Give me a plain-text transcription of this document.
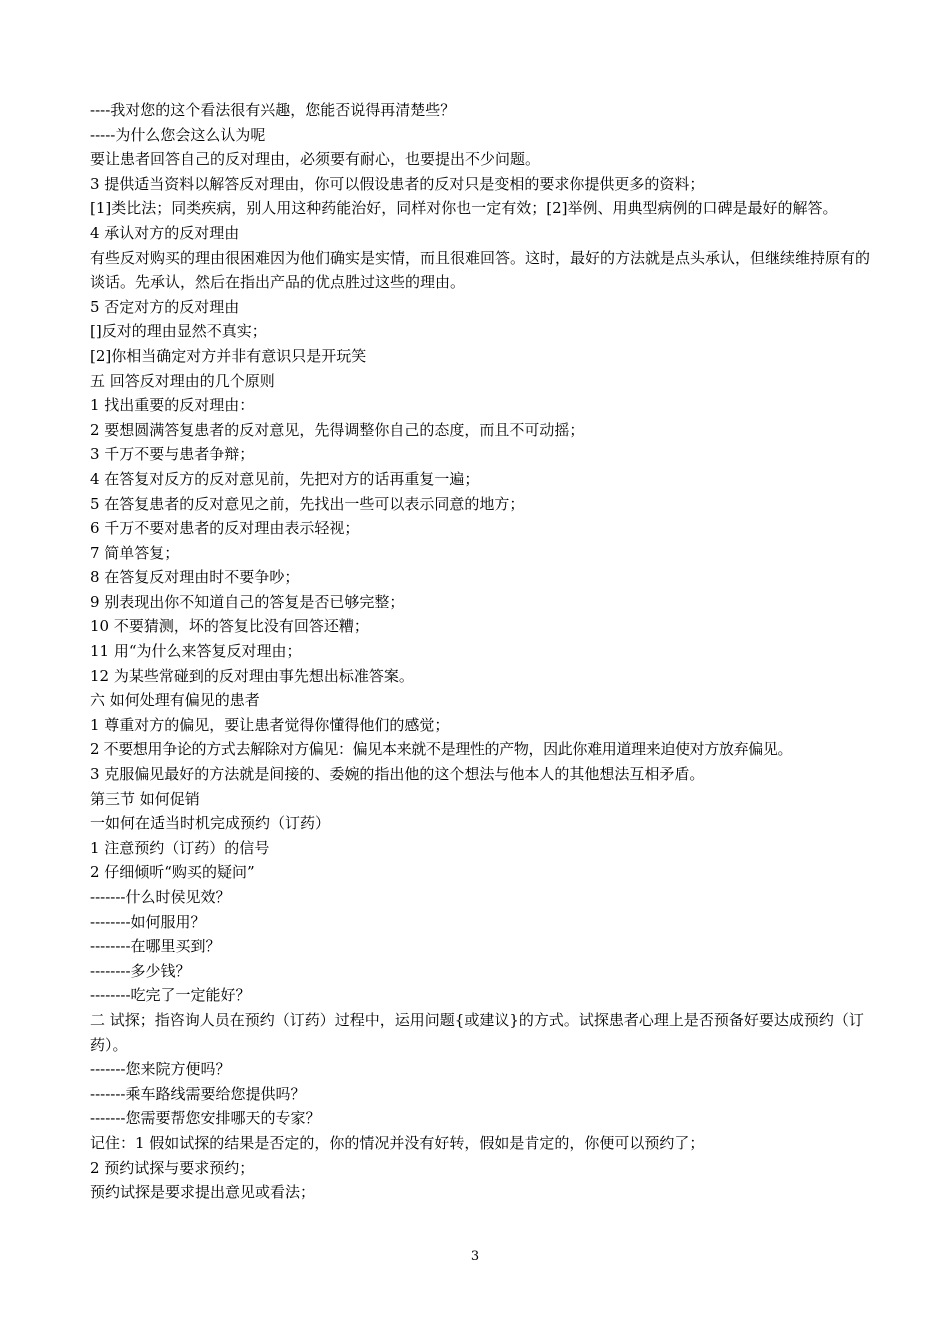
----我对您的这个看法很有兴趣，您能否说得再清楚些？

-----为什么您会这么认为呢

要让患者回答自己的反对理由，必须要有耐心，也要提出不少问题。

3 提供适当资料以解答反对理由，你可以假设患者的反对只是变相的要求你提供更多的资料；

[1]类比法；同类疾病，别人用这种药能治好，同样对你也一定有效；[2]举例、用典型病例的口碑是最好的解答。

4 承认对方的反对理由

有些反对购买的理由很困难因为他们确实是实情，而且很难回答。这时，最好的方法就是点头承认，但继续维持原有的谈话。先承认，然后在指出产品的优点胜过这些的理由。

5 否定对方的反对理由

[]反对的理由显然不真实；

[2]你相当确定对方并非有意识只是开玩笑

五 回答反对理由的几个原则

1 找出重要的反对理由：

2 要想圆满答复患者的反对意见，先得调整你自己的态度，而且不可动摇；

3 千万不要与患者争辩；

4 在答复对反方的反对意见前，先把对方的话再重复一遍；

5 在答复患者的反对意见之前，先找出一些可以表示同意的地方；

6 千万不要对患者的反对理由表示轻视；

7 简单答复；

8 在答复反对理由时不要争吵；

9 别表现出你不知道自己的答复是否已够完整；

10 不要猜测，坏的答复比没有回答还糟；

11 用“为什么来答复反对理由；

12 为某些常碰到的反对理由事先想出标准答案。

六 如何处理有偏见的患者

1 尊重对方的偏见，要让患者觉得你懂得他们的感觉；

2 不要想用争论的方式去解除对方偏见：偏见本来就不是理性的产物，因此你难用道理来迫使对方放弃偏见。

3 克服偏见最好的方法就是间接的、委婉的指出他的这个想法与他本人的其他想法互相矛盾。

第三节 如何促销

一如何在适当时机完成预约（订药）

1 注意预约（订药）的信号

2 仔细倾听“购买的疑问”

-------什么时侯见效？

--------如何服用？

--------在哪里买到？

--------多少钱？

--------吃完了一定能好？

二 试探；指咨询人员在预约（订药）过程中，运用问题{或建议}的方式。试探患者心理上是否预备好要达成预约（订药）。

-------您来院方便吗？

-------乘车路线需要给您提供吗？

-------您需要帮您安排哪天的专家？

记住：1 假如试探的结果是否定的，你的情况并没有好转，假如是肯定的，你便可以预约了；

2 预约试探与要求预约；

预约试探是要求提出意见或看法；

3
